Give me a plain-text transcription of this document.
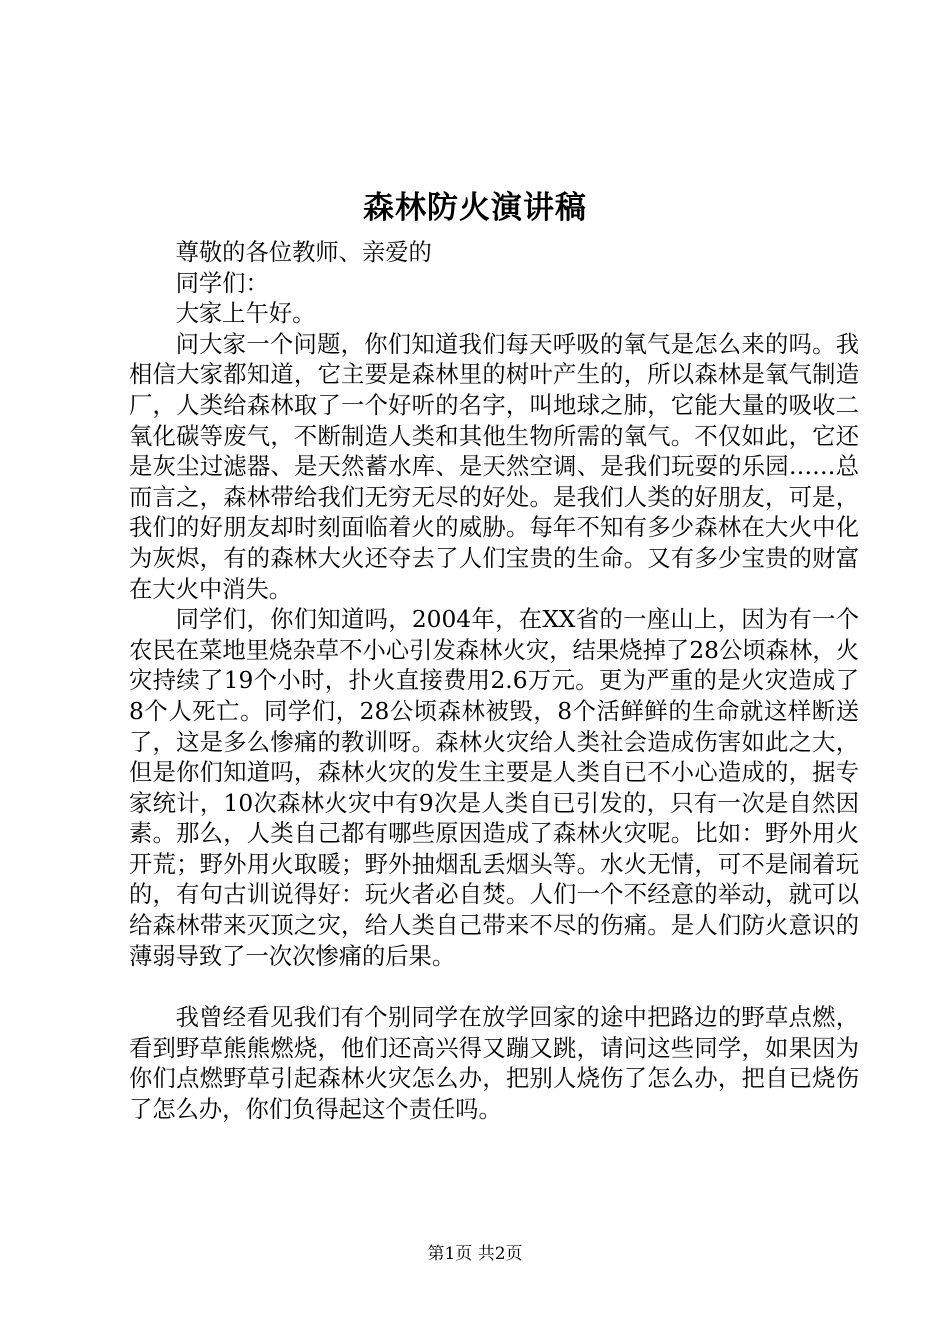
森林防火演讲稿

尊敬的各位教师、亲爱的

同学们：

大家上午好。

问大家一个问题，你们知道我们每天呼吸的氧气是怎么来的吗。我相信大家都知道，它主要是森林里的树叶产生的，所以森林是氧气制造厂，人类给森林取了一个好听的名字，叫地球之肺，它能大量的吸收二氧化碳等废气，不断制造人类和其他生物所需的氧气。不仅如此，它还是灰尘过滤器、是天然蓄水库、是天然空调、是我们玩耍的乐园……总而言之，森林带给我们无穷无尽的好处。是我们人类的好朋友，可是，我们的好朋友却时刻面临着火的威胁。每年不知有多少森林在大火中化为灰烬，有的森林大火还夺去了人们宝贵的生命。又有多少宝贵的财富在大火中消失。

同学们，你们知道吗，2004年，在XX省的一座山上，因为有一个农民在菜地里烧杂草不小心引发森林火灾，结果烧掉了28公顷森林，火灾持续了19个小时，扑火直接费用2.6万元。更为严重的是火灾造成了8个人死亡。同学们，28公顷森林被毁，8个活鲜鲜的生命就这样断送了，这是多么惨痛的教训呀。森林火灾给人类社会造成伤害如此之大，但是你们知道吗，森林火灾的发生主要是人类自已不小心造成的，据专家统计，10次森林火灾中有9次是人类自已引发的，只有一次是自然因素。那么，人类自己都有哪些原因造成了森林火灾呢。比如：野外用火开荒；野外用火取暖；野外抽烟乱丢烟头等。水火无情，可不是闹着玩的，有句古训说得好：玩火者必自焚。人们一个不经意的举动，就可以给森林带来灭顶之灾，给人类自己带来不尽的伤痛。是人们防火意识的薄弱导致了一次次惨痛的后果。

我曾经看见我们有个别同学在放学回家的途中把路边的野草点燃，看到野草熊熊燃烧，他们还高兴得又蹦又跳，请问这些同学，如果因为你们点燃野草引起森林火灾怎么办，把别人烧伤了怎么办，把自已烧伤了怎么办，你们负得起这个责任吗。

第1页 共2页
